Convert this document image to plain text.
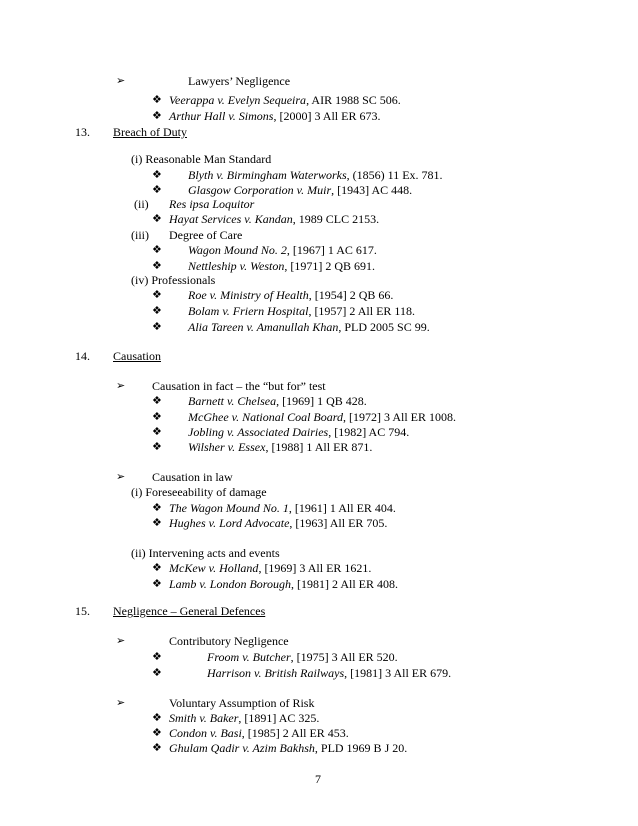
➢	Lawyers’ Negligence
❖ Veerappa v. Evelyn Sequeira, AIR 1988 SC 506.
❖ Arthur Hall v. Simons, [2000] 3 All ER 673.
13. Breach of Duty
(i) Reasonable Man Standard
❖ Blyth v. Birmingham Waterworks, (1856) 11 Ex. 781.
❖ Glasgow Corporation v. Muir, [1943] AC 448.
(ii) Res ipsa Loquitor
❖ Hayat Services v. Kandan, 1989 CLC 2153.
(iii) Degree of Care
❖ Wagon Mound No. 2, [1967] 1 AC 617.
❖ Nettleship v. Weston, [1971] 2 QB 691.
(iv) Professionals
❖ Roe v. Ministry of Health, [1954] 2 QB 66.
❖ Bolam v. Friern Hospital, [1957] 2 All ER 118.
❖ Alia Tareen v. Amanullah Khan, PLD 2005 SC 99.
14. Causation
➢ Causation in fact – the “but for” test
❖ Barnett v. Chelsea, [1969] 1 QB 428.
❖ McGhee v. National Coal Board, [1972] 3 All ER 1008.
❖ Jobling v. Associated Dairies, [1982] AC 794.
❖ Wilsher v. Essex, [1988] 1 All ER 871.
➢ Causation in law
(i) Foreseeability of damage
❖ The Wagon Mound No. 1, [1961] 1 All ER 404.
❖ Hughes v. Lord Advocate, [1963] All ER 705.
(ii) Intervening acts and events
❖ McKew v. Holland, [1969] 3 All ER 1621.
❖ Lamb v. London Borough, [1981] 2 All ER 408.
15. Negligence – General Defences
➢	Contributory Negligence
❖	Froom v. Butcher, [1975] 3 All ER 520.
❖	Harrison v. British Railways, [1981] 3 All ER 679.
➢	Voluntary Assumption of Risk
❖ Smith v. Baker, [1891] AC 325.
❖ Condon v. Basi, [1985] 2 All ER 453.
❖ Ghulam Qadir v. Azim Bakhsh, PLD 1969 B J 20.
7
